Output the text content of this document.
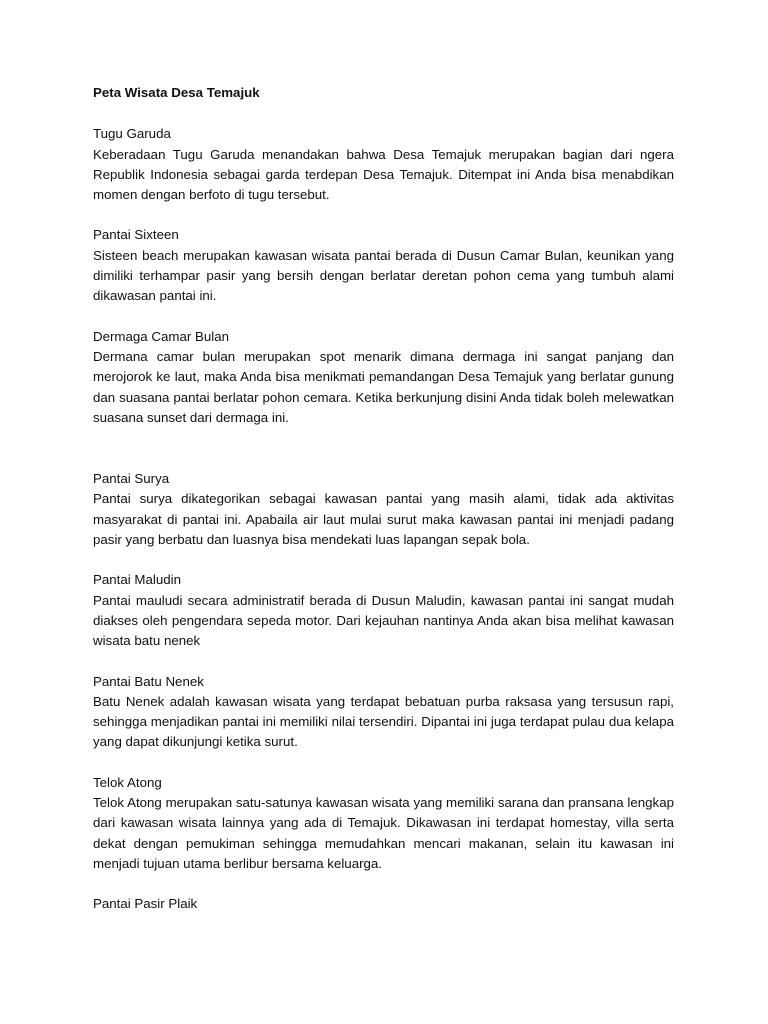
Peta Wisata Desa Temajuk

Tugu Garuda

Keberadaan Tugu Garuda menandakan bahwa Desa Temajuk merupakan bagian dari ngera Republik Indonesia sebagai garda terdepan Desa Temajuk. Ditempat ini Anda bisa menabdikan momen dengan berfoto di tugu tersebut.

Pantai Sixteen

Sisteen beach merupakan kawasan wisata pantai berada di Dusun Camar Bulan, keunikan yang dimiliki terhampar pasir yang bersih dengan berlatar deretan pohon cema yang tumbuh alami dikawasan pantai ini.

Dermaga Camar Bulan

Dermana camar bulan merupakan spot menarik dimana dermaga ini sangat panjang dan merojorok ke laut, maka Anda bisa menikmati pemandangan Desa Temajuk yang berlatar gunung dan suasana pantai berlatar pohon cemara. Ketika berkunjung disini Anda tidak boleh melewatkan suasana sunset dari dermaga ini.

Pantai Surya

Pantai surya dikategorikan sebagai kawasan pantai yang masih alami, tidak ada aktivitas masyarakat di pantai ini. Apabaila air laut mulai surut maka kawasan pantai ini menjadi padang pasir yang berbatu dan luasnya bisa mendekati luas lapangan sepak bola.

Pantai Maludin

Pantai mauludi secara administratif berada di Dusun Maludin, kawasan pantai ini sangat mudah diakses oleh pengendara sepeda motor. Dari kejauhan nantinya Anda akan bisa melihat kawasan wisata batu nenek

Pantai Batu Nenek

Batu Nenek adalah kawasan wisata yang terdapat bebatuan purba raksasa yang tersusun rapi, sehingga menjadikan pantai ini memiliki nilai tersendiri. Dipantai ini juga terdapat pulau dua kelapa yang dapat dikunjungi ketika surut.

Telok Atong

Telok Atong merupakan satu-satunya kawasan wisata yang memiliki sarana dan pransana lengkap dari kawasan wisata lainnya yang ada di Temajuk. Dikawasan ini terdapat homestay, villa serta dekat dengan pemukiman sehingga memudahkan mencari makanan, selain itu kawasan ini menjadi tujuan utama berlibur bersama keluarga.

Pantai Pasir Plaik
